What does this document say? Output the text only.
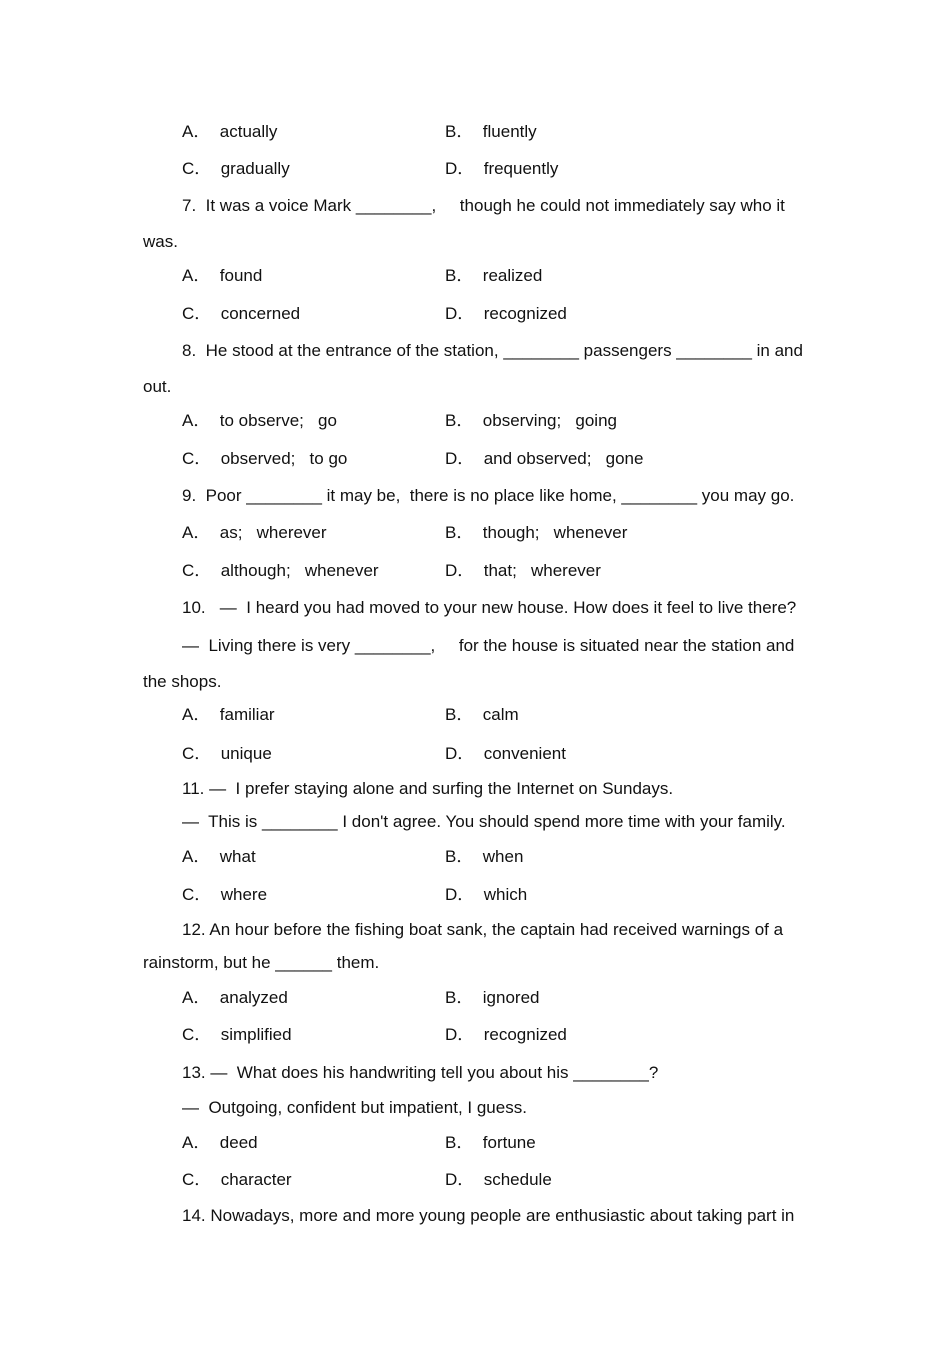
A．  actually	B．  fluently
C．  gradually	D．  frequently
7.  It was a voice Mark ________,     though he could not immediately say who it
was.
A．  found	B．  realized
C．  concerned	D．  recognized
8.  He stood at the entrance of the station, ________ passengers ________ in and
out.
A．  to observe;   go	B．  observing;   going
C．  observed;   to go	D．  and observed;   gone
9.  Poor ________ it may be,  there is no place like home, ________ you may go.
A．  as;   wherever	B．  though;   whenever
C．  although;   whenever	D．  that;   wherever
10.   —  I heard you had moved to your new house. How does it feel to live there?
—  Living there is very ________,     for the house is situated near the station and
the shops.
A．  familiar	B．  calm
C．  unique	D．  convenient
11. —  I prefer staying alone and surfing the Internet on Sundays.
—  This is ________ I don't agree. You should spend more time with your family.
A．  what	B．  when
C．  where	D．  which
12. An hour before the fishing boat sank, the captain had received warnings of a
rainstorm, but he ______ them.
A．  analyzed	B．  ignored
C．  simplified	D．  recognized
13. —  What does his handwriting tell you about his ________?
—  Outgoing, confident but impatient, I guess.
A．  deed	B．  fortune
C．  character	D．  schedule
14. Nowadays, more and more young people are enthusiastic about taking part in
